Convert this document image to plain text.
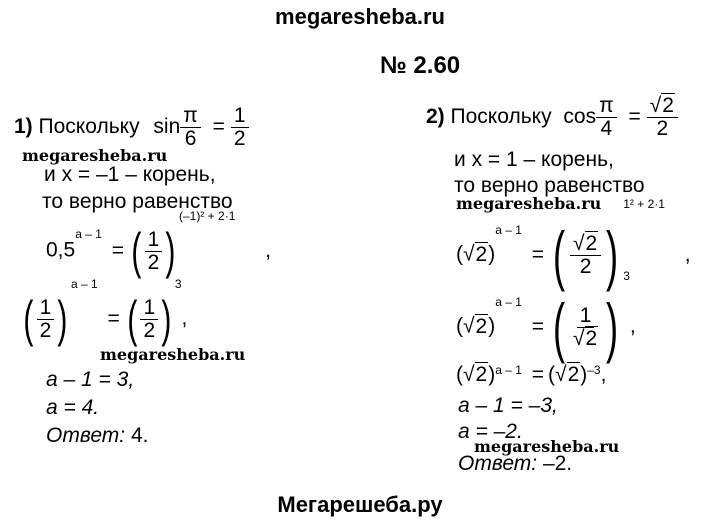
megaresheba.ru
№ 2.60
Мегарешеба.ру
1) Поскольку $\sin \frac{\pi}{6} = \frac{1}{2}$
megaresheba.ru
и x = –1 – корень,
то верно равенство
$0,5^{a - 1}$ = ( $\frac{1}{2} )^{(-1)^2 + 2\cdot 1}$ ,
( $\frac{1}{2} )^{a - 1}$ = ( $\frac{1}{2} )^3$,
megaresheba.ru
a – 1 = 3,
a = 4.
Ответ: 4.
2) Поскольку $\cos \frac{\pi}{4} = \frac{√2}{2}$
и x = 1 – корень,
то верно равенство
megaresheba.ru
$(√2)^{a - 1}$ = ( $\frac{√2}{2} )^{1^2 + 2\cdot 1}$ ,
$(√2)^{a - 1}$ = ( $\frac{1}{√2} )^3$,
$(√2)^{a - 1} = (√2)^{-3}$,
a – 1 = –3,
a = –2.
megaresheba.ru
Ответ: –2.
